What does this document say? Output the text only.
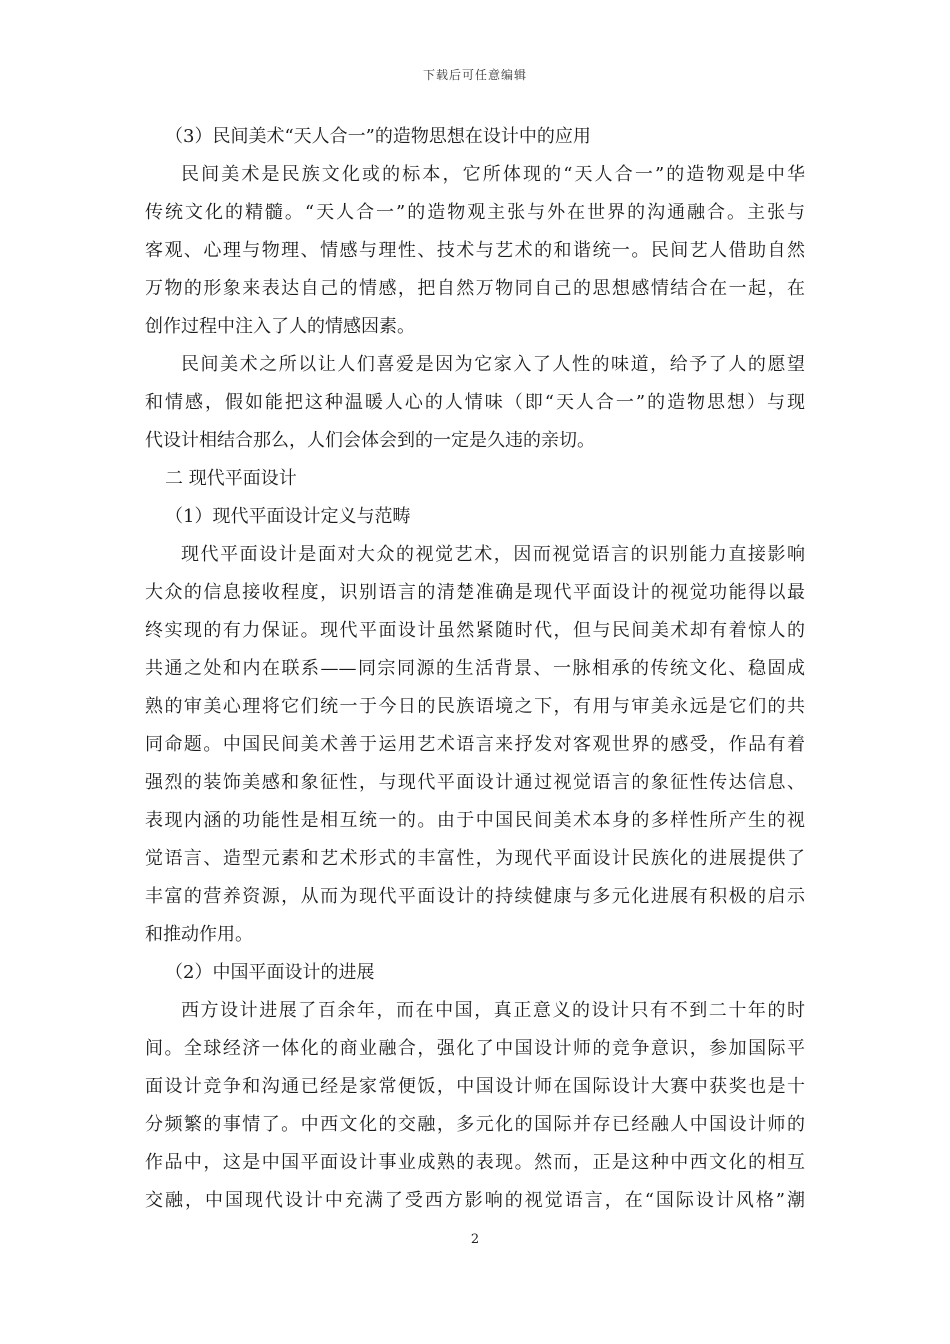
下载后可任意编辑
（3）民间美术“天人合一”的造物思想在设计中的应用
民间美术是民族文化或的标本，它所体现的“天人合一”的造物观是中华
传统文化的精髓。“天人合一”的造物观主张与外在世界的沟通融合。主张与
客观、心理与物理、情感与理性、技术与艺术的和谐统一。民间艺人借助自然
万物的形象来表达自己的情感，把自然万物同自己的思想感情结合在一起，在
创作过程中注入了人的情感因素。
民间美术之所以让人们喜爱是因为它家入了人性的味道，给予了人的愿望
和情感，假如能把这种温暖人心的人情味（即“天人合一”的造物思想）与现
代设计相结合那么，人们会体会到的一定是久违的亲切。
二 现代平面设计
（1）现代平面设计定义与范畴
现代平面设计是面对大众的视觉艺术，因而视觉语言的识别能力直接影响
大众的信息接收程度，识别语言的清楚准确是现代平面设计的视觉功能得以最
终实现的有力保证。现代平面设计虽然紧随时代，但与民间美术却有着惊人的
共通之处和内在联系——同宗同源的生活背景、一脉相承的传统文化、稳固成
熟的审美心理将它们统一于今日的民族语境之下，有用与审美永远是它们的共
同命题。中国民间美术善于运用艺术语言来抒发对客观世界的感受，作品有着
强烈的装饰美感和象征性，与现代平面设计通过视觉语言的象征性传达信息、
表现内涵的功能性是相互统一的。由于中国民间美术本身的多样性所产生的视
觉语言、造型元素和艺术形式的丰富性，为现代平面设计民族化的进展提供了
丰富的营养资源，从而为现代平面设计的持续健康与多元化进展有积极的启示
和推动作用。
（2）中国平面设计的进展
西方设计进展了百余年，而在中国，真正意义的设计只有不到二十年的时
间。全球经济一体化的商业融合，强化了中国设计师的竞争意识，参加国际平
面设计竞争和沟通已经是家常便饭，中国设计师在国际设计大赛中获奖也是十
分频繁的事情了。中西文化的交融，多元化的国际并存已经融人中国设计师的
作品中，这是中国平面设计事业成熟的表现。然而，正是这种中西文化的相互
交融，中国现代设计中充满了受西方影响的视觉语言，在“国际设计风格”潮
2
